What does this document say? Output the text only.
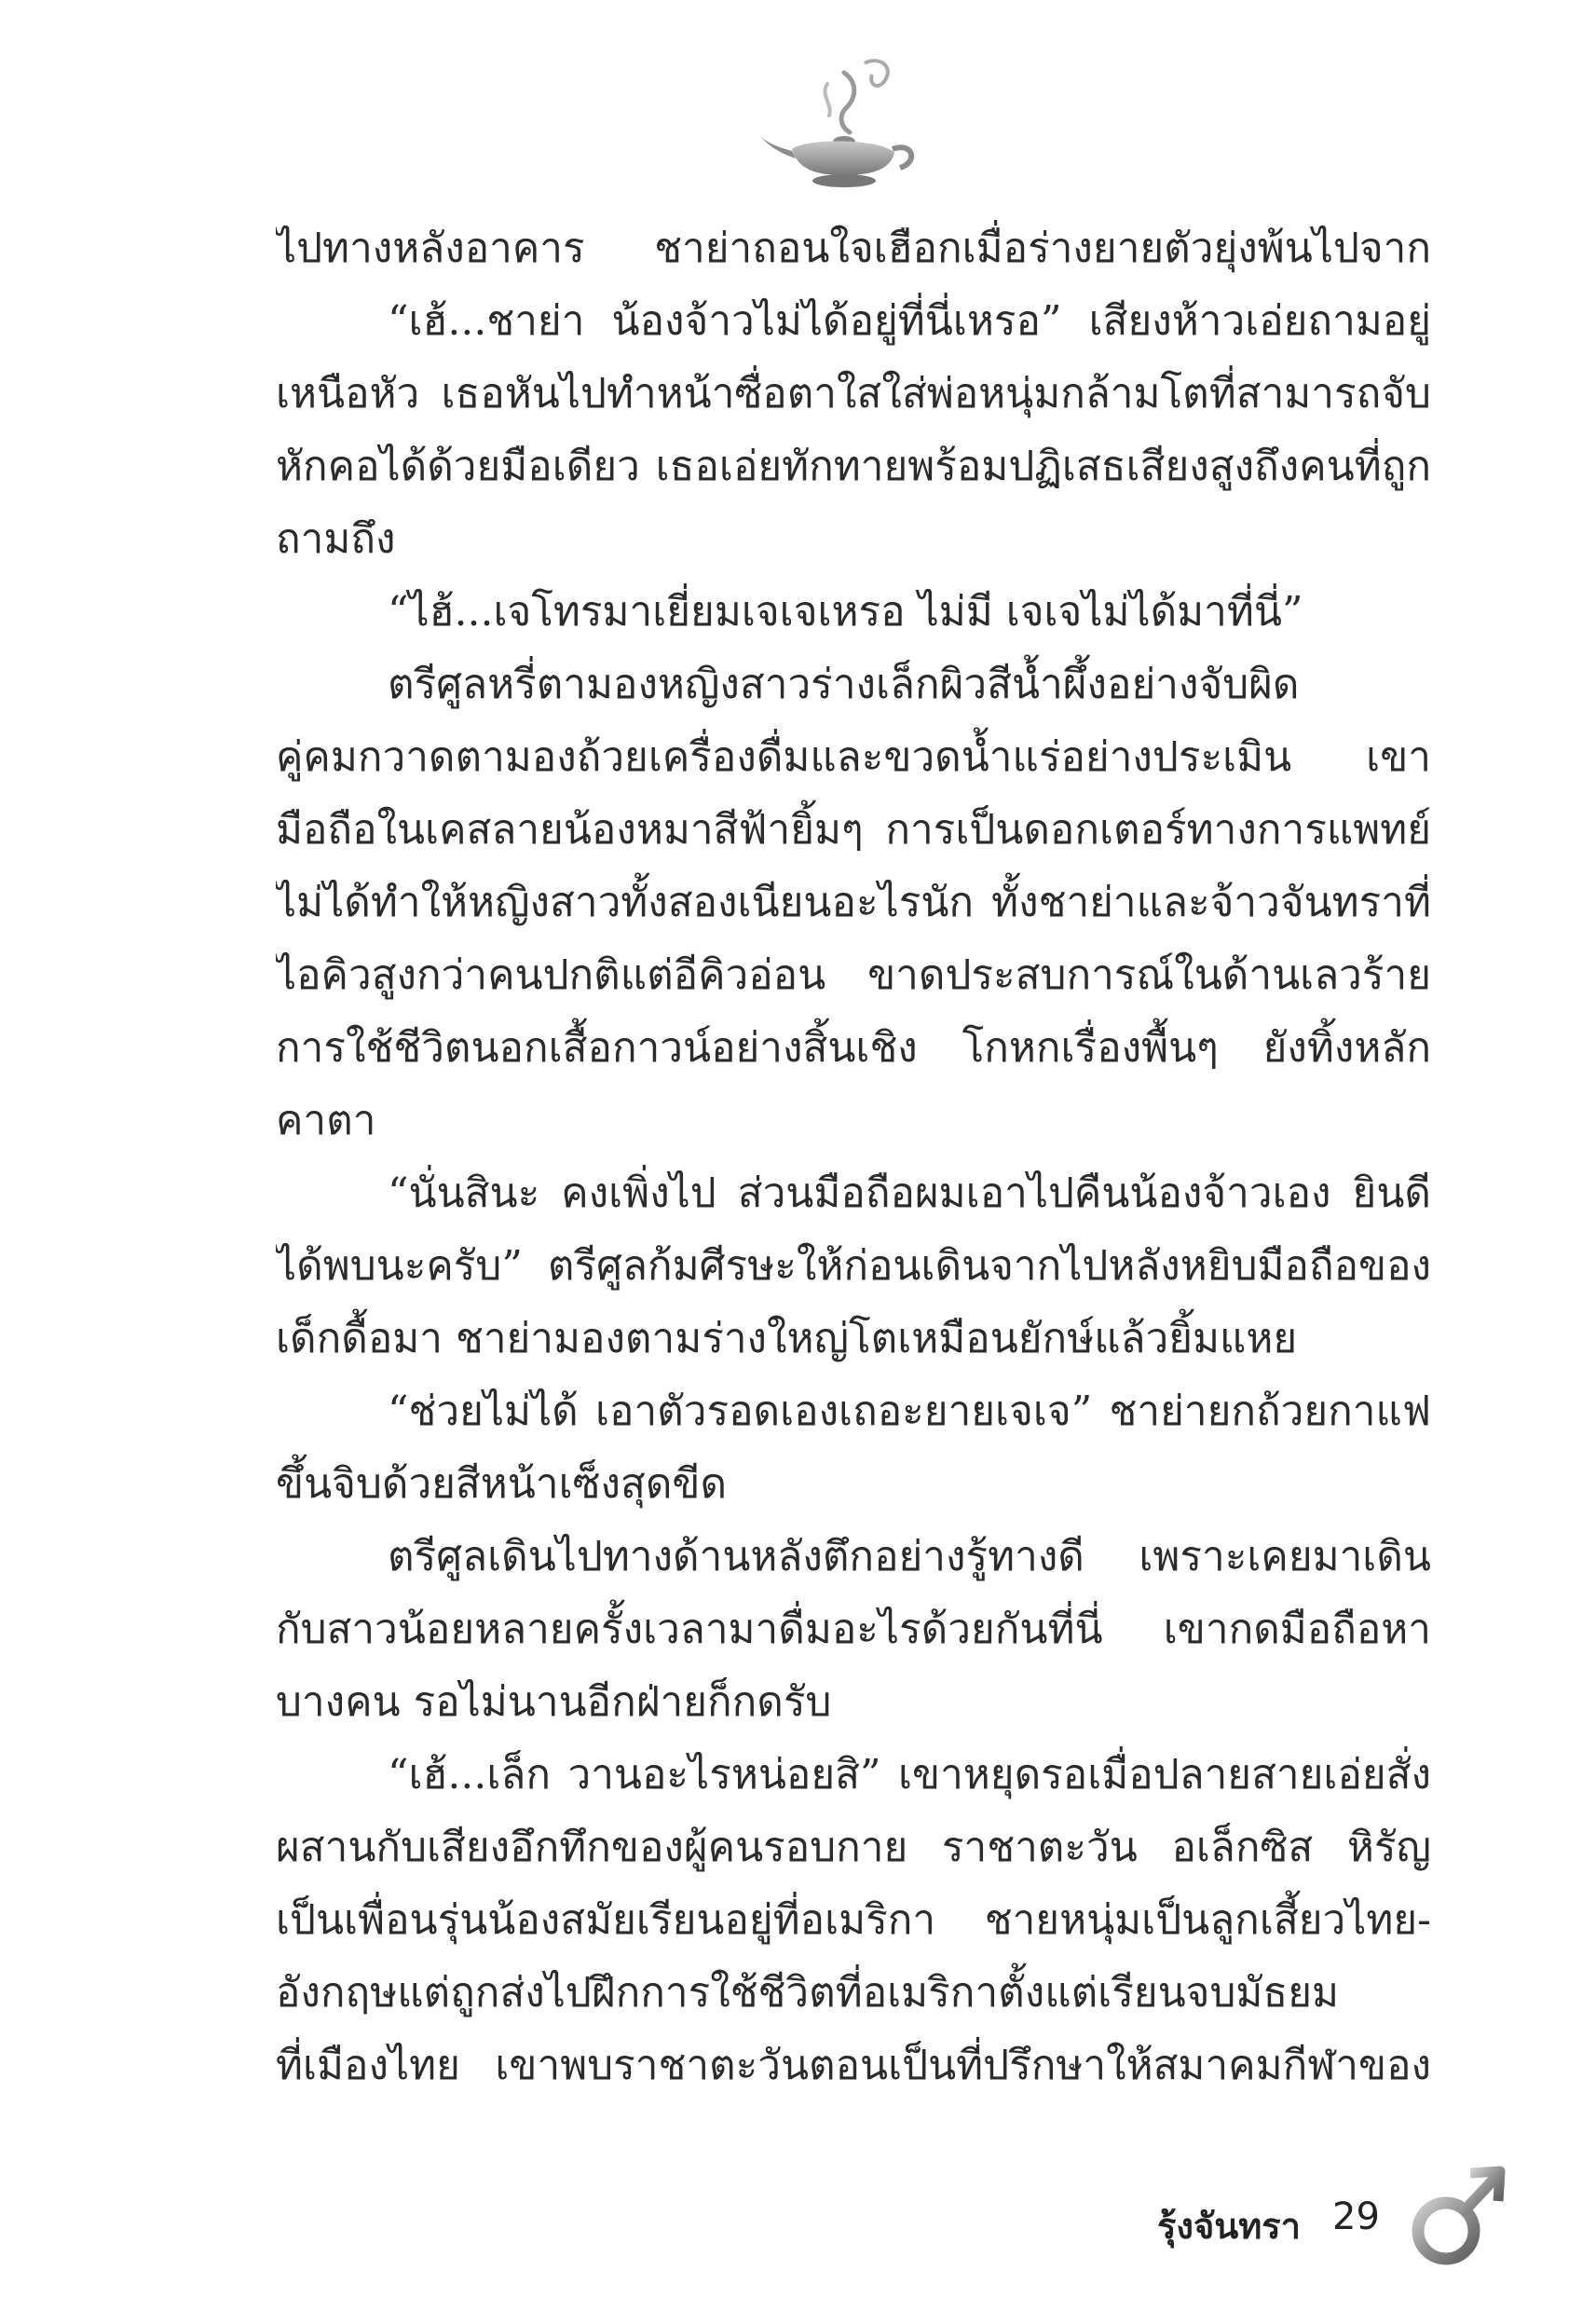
ไปทางหลังอาคาร ชาย่าถอนใจเฮือกเมื่อร่างยายตัวยุ่งพ้นไปจาก
“เฮ้...ชาย่า น้องจ้าวไม่ได้อยู่ที่นี่เหรอ” เสียงห้าวเอ่ยถามอยู่
เหนือหัว เธอหันไปทำหน้าซื่อตาใสใส่พ่อหนุ่มกล้ามโตที่สามารถจับ
หักคอได้ด้วยมือเดียว เธอเอ่ยทักทายพร้อมปฏิเสธเสียงสูงถึงคนที่ถูก
ถามถึง
“ไฮ้...เจโทรมาเยี่ยมเจเจเหรอ ไม่มี เจเจไม่ได้มาที่นี่”
ตรีศูลหรี่ตามองหญิงสาวร่างเล็กผิวสีน้ำผึ้งอย่างจับผิด
คู่คมกวาดตามองถ้วยเครื่องดื่มและขวดน้ำแร่อย่างประเมิน เขา
มือถือในเคสลายน้องหมาสีฟ้ายิ้มๆ การเป็นดอกเตอร์ทางการแพทย์
ไม่ได้ทำให้หญิงสาวทั้งสองเนียนอะไรนัก ทั้งชาย่าและจ้าวจันทราที่
ไอคิวสูงกว่าคนปกติแต่อีคิวอ่อน ขาดประสบการณ์ในด้านเลวร้าย
การใช้ชีวิตนอกเสื้อกาวน์อย่างสิ้นเชิง โกหกเรื่องพื้นๆ ยังทิ้งหลัก
คาตา
“นั่นสินะ คงเพิ่งไป ส่วนมือถือผมเอาไปคืนน้องจ้าวเอง ยินดี
ได้พบนะครับ” ตรีศูลก้มศีรษะให้ก่อนเดินจากไปหลังหยิบมือถือของ
เด็กดื้อมา ชาย่ามองตามร่างใหญ่โตเหมือนยักษ์แล้วยิ้มแหย
“ช่วยไม่ได้ เอาตัวรอดเองเถอะยายเจเจ” ชาย่ายกถ้วยกาแฟ
ขึ้นจิบด้วยสีหน้าเซ็งสุดขีด
ตรีศูลเดินไปทางด้านหลังตึกอย่างรู้ทางดี เพราะเคยมาเดิน
กับสาวน้อยหลายครั้งเวลามาดื่มอะไรด้วยกันที่นี่ เขากดมือถือหา
บางคน รอไม่นานอีกฝ่ายก็กดรับ
“เฮ้...เล็ก วานอะไรหน่อยสิ” เขาหยุดรอเมื่อปลายสายเอ่ยสั่ง
ผสานกับเสียงอึกทึกของผู้คนรอบกาย ราชาตะวัน อเล็กซิส หิรัญ
เป็นเพื่อนรุ่นน้องสมัยเรียนอยู่ที่อเมริกา ชายหนุ่มเป็นลูกเสี้ยวไทย-
อังกฤษแต่ถูกส่งไปฝึกการใช้ชีวิตที่อเมริกาตั้งแต่เรียนจบมัธยม
ที่เมืองไทย เขาพบราชาตะวันตอนเป็นที่ปรึกษาให้สมาคมกีฬาของ
รุ้งจันทรา 29
